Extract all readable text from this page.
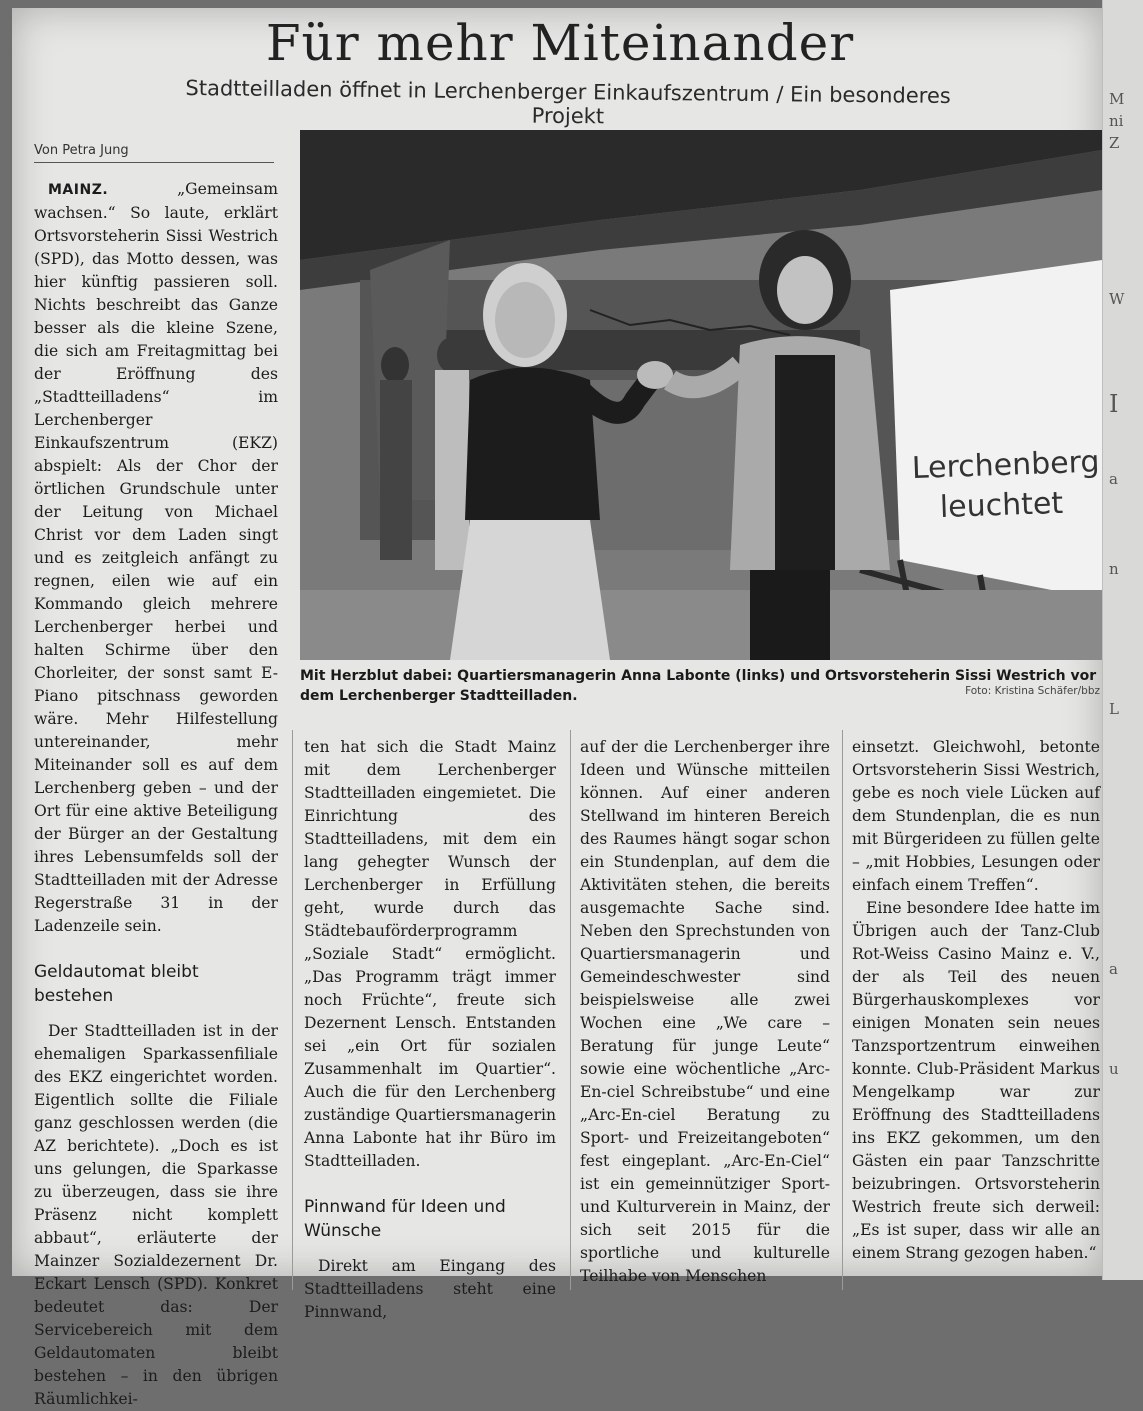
M
ni
Z
W
I
a
n
L
a
u
Für mehr Miteinander
Stadtteilladen öffnet in Lerchenberger Einkaufszentrum / Ein besonderes Projekt
Von Petra Jung

MAINZ.	„Gemeinsam wachsen.“ So laute, erklärt Ortsvorsteherin Sissi Westrich (SPD), das Motto dessen, was hier künftig passieren soll. Nichts beschreibt das Ganze besser als die kleine Szene, die sich am Freitagmittag bei der Eröffnung des „Stadtteilladens“ im Lerchenberger Einkaufszentrum (EKZ) abspielt: Als der Chor der örtlichen Grundschule unter der Leitung von Michael Christ vor dem Laden singt und es zeitgleich anfängt zu regnen, eilen wie auf ein Kommando gleich mehrere Lerchenberger herbei und halten Schirme über den Chorleiter, der sonst samt E-Piano pitschnass geworden wäre. Mehr Hilfestellung untereinander, mehr Miteinander soll es auf dem Lerchenberg geben – und der Ort für eine aktive Beteiligung der Bürger an der Gestaltung ihres Lebensumfelds soll der Stadtteilladen mit der Adresse Regerstraße 31 in der Ladenzeile sein.

Geldautomat bleibt bestehen

Der Stadtteilladen ist in der ehemaligen Sparkassenfiliale des EKZ eingerichtet worden. Eigentlich sollte die Filiale ganz geschlossen werden (die AZ berichtete). „Doch es ist uns gelungen, die Sparkasse zu überzeugen, dass sie ihre Präsenz nicht komplett abbaut“, erläuterte der Mainzer Sozialdezernent Dr. Eckart Lensch (SPD). Konkret bedeutet das: Der Servicebereich mit dem Geldautomaten bleibt bestehen – in den übrigen Räumlichkei-

Lerchenberg
leuchtet
Mit Herzblut dabei: Quartiersmanagerin Anna Labonte (links) und Ortsvorsteherin Sissi Westrich vor dem Lerchenberger Stadtteilladen.	Foto: Kristina Schäfer/bbz

ten hat sich die Stadt Mainz mit dem Lerchenberger Stadtteilladen eingemietet. Die Einrichtung des Stadtteilladens, mit dem ein lang gehegter Wunsch der Lerchenberger in Erfüllung geht, wurde durch das Städtebauförderprogramm „Soziale Stadt“ ermöglicht. „Das Programm trägt immer noch Früchte“, freute sich Dezernent Lensch. Entstanden sei „ein Ort für sozialen Zusammenhalt im Quartier“. Auch die für den Lerchenberg zuständige Quartiersmanagerin Anna Labonte hat ihr Büro im Stadtteilladen.

Pinnwand für Ideen und Wünsche

Direkt am Eingang des Stadtteilladens steht eine Pinnwand,

auf der die Lerchenberger ihre Ideen und Wünsche mitteilen können. Auf einer anderen Stellwand im hinteren Bereich des Raumes hängt sogar schon ein Stundenplan, auf dem die Aktivitäten stehen, die bereits ausgemachte Sache sind. Neben den Sprechstunden von Quartiersmanagerin und Gemeindeschwester sind beispielsweise alle zwei Wochen eine „We care – Beratung für junge Leute“ sowie eine wöchentliche „Arc-En-ciel Schreibstube“ und eine „Arc-En-ciel Beratung zu Sport- und Freizeitangeboten“ fest eingeplant. „Arc-En-Ciel“ ist ein gemeinnütziger Sport- und Kulturverein in Mainz, der sich seit 2015 für die sportliche und kulturelle Teilhabe von Menschen

einsetzt. Gleichwohl, betonte Ortsvorsteherin Sissi Westrich, gebe es noch viele Lücken auf dem Stundenplan, die es nun mit Bürgerideen zu füllen gelte – „mit Hobbies, Lesungen oder einfach einem Treffen“.

Eine besondere Idee hatte im Übrigen auch der Tanz-Club Rot-Weiss Casino Mainz e. V., der als Teil des neuen Bürgerhauskomplexes vor einigen Monaten sein neues Tanzsportzentrum einweihen konnte. Club-Präsident Markus Mengelkamp war zur Eröffnung des Stadtteilladens ins EKZ gekommen, um den Gästen ein paar Tanzschritte beizubringen. Ortsvorsteherin Westrich freute sich derweil: „Es ist super, dass wir alle an einem Strang gezogen haben.“
